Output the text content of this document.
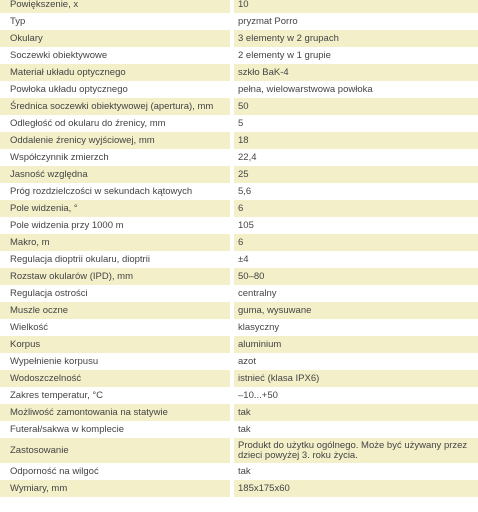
Powiększenie, x	10
Typ	pryzmat Porro
Okulary	3 elementy w 2 grupach
Soczewki obiektywowe	2 elementy w 1 grupie
Materiał układu optycznego	szkło BaK-4
Powłoka układu optycznego	pełna, wielowarstwowa powłoka
Średnica soczewki obiektywowej (apertura), mm	50
Odległość od okularu do źrenicy, mm	5
Oddalenie źrenicy wyjściowej, mm	18
Współczynnik zmierzch	22,4
Jasność względna	25
Próg rozdzielczości w sekundach kątowych	5,6
Pole widzenia, °	6
Pole widzenia przy 1000 m	105
Makro, m	6
Regulacja dioptrii okularu, dioptrii	±4
Rozstaw okularów (IPD), mm	50–80
Regulacja ostrości	centralny
Muszle oczne	guma, wysuwane
Wielkość	klasyczny
Korpus	aluminium
Wypełnienie korpusu	azot
Wodoszczelność	istnieć (klasa IPX6)
Zakres temperatur, °C	–10...+50
Możliwość zamontowania na statywie	tak
Futerał/sakwa w komplecie	tak
Zastosowanie	Produkt do użytku ogólnego. Może być używany przez dzieci powyżej 3. roku życia.
Odporność na wilgoć	tak
Wymiary, mm	185x175x60
